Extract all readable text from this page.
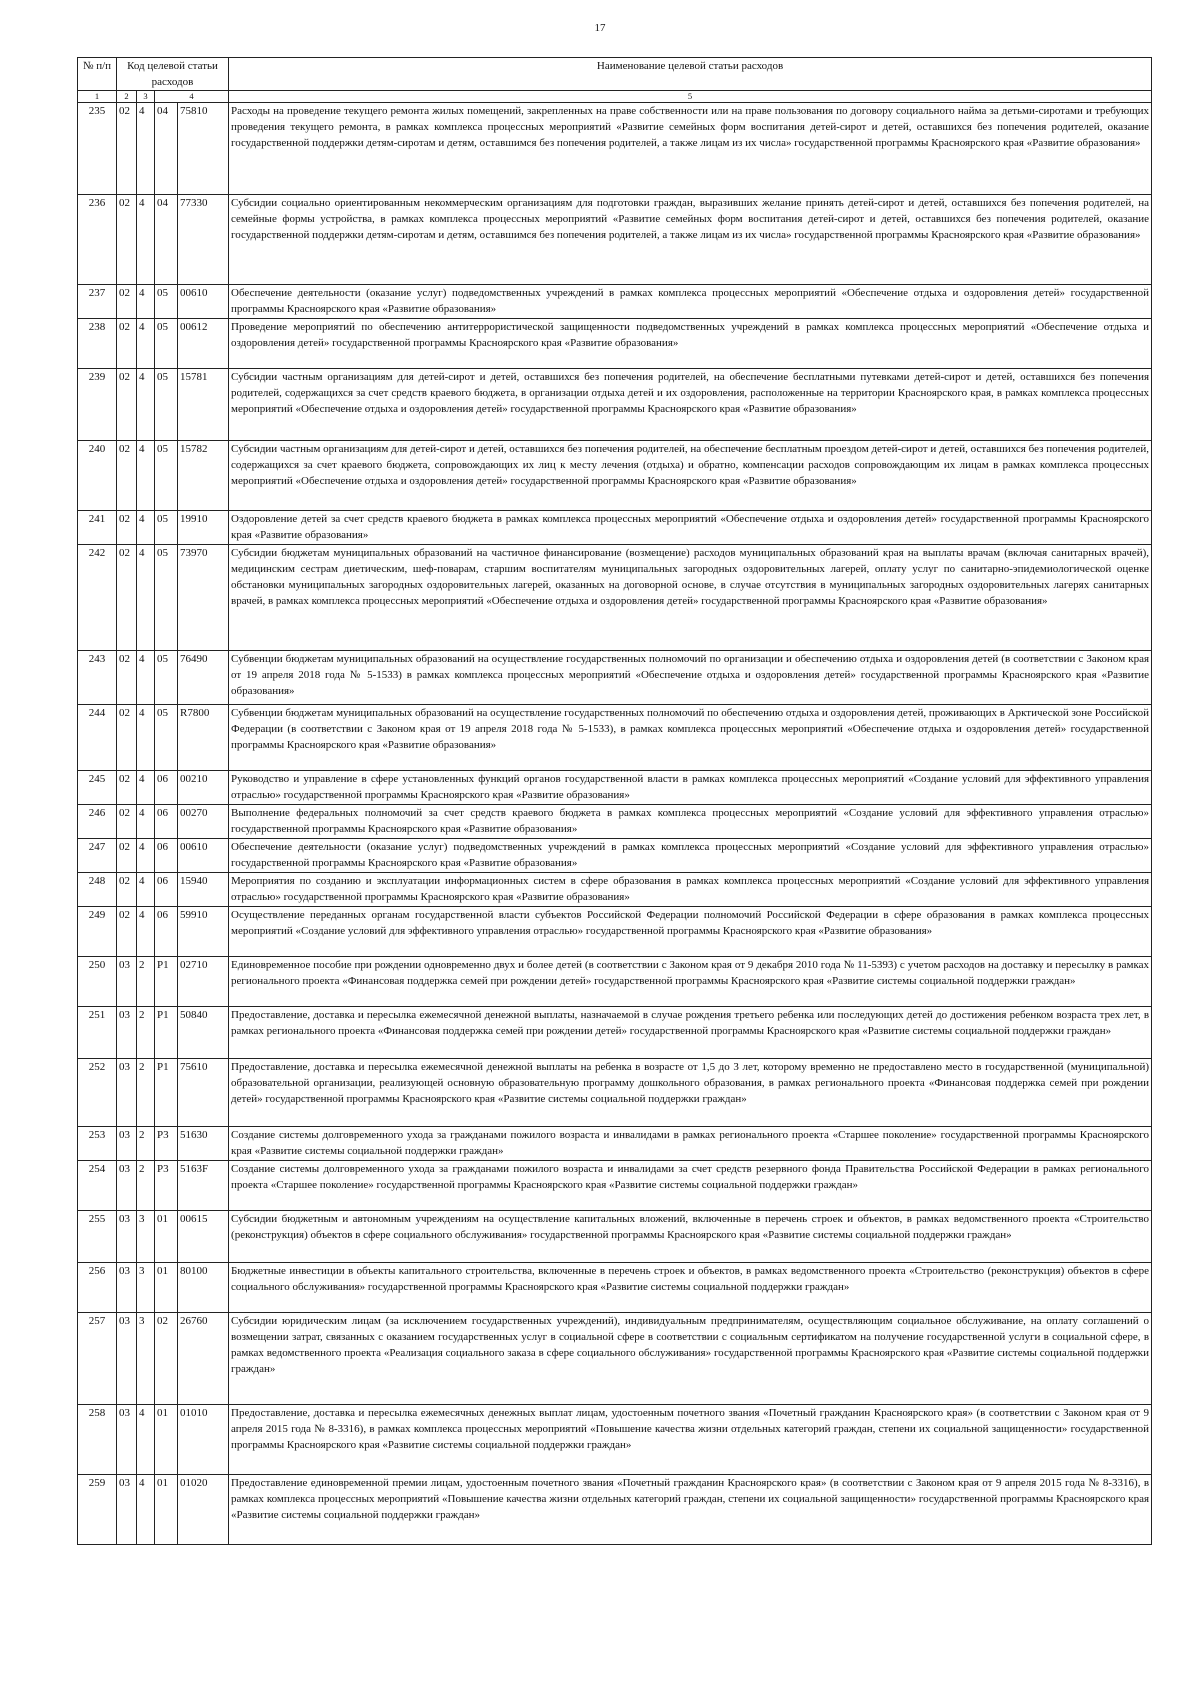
17
№ п/п	Код целевой статьи расходов				Наименование целевой статьи расходов

1	2	3	4		5
235	02	4	04	75810	Расходы на проведение текущего ремонта жилых помещений, закрепленных на праве собственности или на праве пользования по договору социального найма за детьми-сиротами и требующих проведения текущего ремонта, в рамках комплекса процессных мероприятий «Развитие семейных форм воспитания детей-сирот и детей, оставшихся без попечения родителей, оказание государственной поддержки детям-сиротам и детям, оставшимся без попечения родителей, а также лицам из их числа» государственной программы Красноярского края «Развитие образования»
236	02	4	04	77330	Субсидии социально ориентированным некоммерческим организациям для подготовки граждан, выразивших желание принять детей-сирот и детей, оставшихся без попечения родителей, на семейные формы устройства, в рамках комплекса процессных мероприятий «Развитие семейных форм воспитания детей-сирот и детей, оставшихся без попечения родителей, оказание государственной поддержки детям-сиротам и детям, оставшимся без попечения родителей, а также лицам из их числа» государственной программы Красноярского края «Развитие образования»
237	02	4	05	00610	Обеспечение деятельности (оказание услуг) подведомственных учреждений в рамках комплекса процессных мероприятий «Обеспечение отдыха и оздоровления детей» государственной программы Красноярского края «Развитие образования»
238	02	4	05	00612	Проведение мероприятий по обеспечению антитеррористической защищенности подведомственных учреждений в рамках комплекса процессных мероприятий «Обеспечение отдыха и оздоровления детей» государственной программы Красноярского края «Развитие образования»
239	02	4	05	15781	Субсидии частным организациям для детей-сирот и детей, оставшихся без попечения родителей, на обеспечение бесплатными путевками детей-сирот и детей, оставшихся без попечения родителей, содержащихся за счет средств краевого бюджета, в организации отдыха детей и их оздоровления, расположенные на территории Красноярского края, в рамках комплекса процессных мероприятий «Обеспечение отдыха и оздоровления детей» государственной программы Красноярского края «Развитие образования»
240	02	4	05	15782	Субсидии частным организациям для детей-сирот и детей, оставшихся без попечения родителей, на обеспечение бесплатным проездом детей-сирот и детей, оставшихся без попечения родителей, содержащихся за счет краевого бюджета, сопровождающих их лиц к месту лечения (отдыха) и обратно, компенсации расходов сопровождающим их лицам в рамках комплекса процессных мероприятий «Обеспечение отдыха и оздоровления детей» государственной программы Красноярского края «Развитие образования»
241	02	4	05	19910	Оздоровление детей за счет средств краевого бюджета в рамках комплекса процессных мероприятий «Обеспечение отдыха и оздоровления детей» государственной программы Красноярского края «Развитие образования»
242	02	4	05	73970	Субсидии бюджетам муниципальных образований на частичное финансирование (возмещение) расходов муниципальных образований края на выплаты врачам (включая санитарных врачей), медицинским сестрам диетическим, шеф-поварам, старшим воспитателям муниципальных загородных оздоровительных лагерей, оплату услуг по санитарно-эпидемиологической оценке обстановки муниципальных загородных оздоровительных лагерей, оказанных на договорной основе, в случае отсутствия в муниципальных загородных оздоровительных лагерях санитарных врачей, в рамках комплекса процессных мероприятий «Обеспечение отдыха и оздоровления детей» государственной программы Красноярского края «Развитие образования»
243	02	4	05	76490	Субвенции бюджетам муниципальных образований на осуществление государственных полномочий по организации и обеспечению отдыха и оздоровления детей (в соответствии с Законом края от 19 апреля 2018 года № 5-1533) в рамках комплекса процессных мероприятий «Обеспечение отдыха и оздоровления детей» государственной программы Красноярского края «Развитие образования»
244	02	4	05	R7800	Субвенции бюджетам муниципальных образований на осуществление государственных полномочий по обеспечению отдыха и оздоровления детей, проживающих в Арктической зоне Российской Федерации (в соответствии с Законом края от 19 апреля 2018 года № 5-1533), в рамках комплекса процессных мероприятий «Обеспечение отдыха и оздоровления детей» государственной программы Красноярского края «Развитие образования»
245	02	4	06	00210	Руководство и управление в сфере установленных функций органов государственной власти в рамках комплекса процессных мероприятий «Создание условий для эффективного управления отраслью» государственной программы Красноярского края «Развитие образования»
246	02	4	06	00270	Выполнение федеральных полномочий за счет средств краевого бюджета в рамках комплекса процессных мероприятий «Создание условий для эффективного управления отраслью» государственной программы Красноярского края «Развитие образования»
247	02	4	06	00610	Обеспечение деятельности (оказание услуг) подведомственных учреждений в рамках комплекса процессных мероприятий «Создание условий для эффективного управления отраслью» государственной программы Красноярского края «Развитие образования»
248	02	4	06	15940	Мероприятия по созданию и эксплуатации информационных систем в сфере образования в рамках комплекса процессных мероприятий «Создание условий для эффективного управления отраслью» государственной программы Красноярского края «Развитие образования»
249	02	4	06	59910	Осуществление переданных органам государственной власти субъектов Российской Федерации полномочий Российской Федерации в сфере образования в рамках комплекса процессных мероприятий «Создание условий для эффективного управления отраслью» государственной программы Красноярского края «Развитие образования»
250	03	2	P1	02710	Единовременное пособие при рождении одновременно двух и более детей (в соответствии с Законом края от 9 декабря 2010 года № 11-5393) с учетом расходов на доставку и пересылку в рамках регионального проекта «Финансовая поддержка семей при рождении детей» государственной программы Красноярского края «Развитие системы социальной поддержки граждан»
251	03	2	P1	50840	Предоставление, доставка и пересылка ежемесячной денежной выплаты, назначаемой в случае рождения третьего ребенка или последующих детей до достижения ребенком возраста трех лет, в рамках регионального проекта «Финансовая поддержка семей при рождении детей» государственной программы Красноярского края «Развитие системы социальной поддержки граждан»
252	03	2	P1	75610	Предоставление, доставка и пересылка ежемесячной денежной выплаты на ребенка в возрасте от 1,5 до 3 лет, которому временно не предоставлено место в государственной (муниципальной) образовательной организации, реализующей основную образовательную программу дошкольного образования, в рамках регионального проекта «Финансовая поддержка семей при рождении детей» государственной программы Красноярского края «Развитие системы социальной поддержки граждан»
253	03	2	P3	51630	Создание системы долговременного ухода за гражданами пожилого возраста и инвалидами в рамках регионального проекта «Старшее поколение» государственной программы Красноярского края «Развитие системы социальной поддержки граждан»
254	03	2	P3	5163F	Создание системы долговременного ухода за гражданами пожилого возраста и инвалидами за счет средств резервного фонда Правительства Российской Федерации в рамках регионального проекта «Старшее поколение» государственной программы Красноярского края «Развитие системы социальной поддержки граждан»
255	03	3	01	00615	Субсидии бюджетным и автономным учреждениям на осуществление капитальных вложений, включенные в перечень строек и объектов, в рамках ведомственного проекта «Строительство (реконструкция) объектов в сфере социального обслуживания» государственной программы Красноярского края «Развитие системы социальной поддержки граждан»
256	03	3	01	80100	Бюджетные инвестиции в объекты капитального строительства, включенные в перечень строек и объектов, в рамках ведомственного проекта «Строительство (реконструкция) объектов в сфере социального обслуживания» государственной программы Красноярского края «Развитие системы социальной поддержки граждан»
257	03	3	02	26760	Субсидии юридическим лицам (за исключением государственных учреждений), индивидуальным предпринимателям, осуществляющим социальное обслуживание, на оплату соглашений о возмещении затрат, связанных с оказанием государственных услуг в социальной сфере в соответствии с социальным сертификатом на получение государственной услуги в социальной сфере, в рамках ведомственного проекта «Реализация социального заказа в сфере социального обслуживания» государственной программы Красноярского края «Развитие системы социальной поддержки граждан»
258	03	4	01	01010	Предоставление, доставка и пересылка ежемесячных денежных выплат лицам, удостоенным почетного звания «Почетный гражданин Красноярского края» (в соответствии с Законом края от 9 апреля 2015 года № 8-3316), в рамках комплекса процессных мероприятий «Повышение качества жизни отдельных категорий граждан, степени их социальной защищенности» государственной программы Красноярского края «Развитие системы социальной поддержки граждан»
259	03	4	01	01020	Предоставление единовременной премии лицам, удостоенным почетного звания «Почетный гражданин Красноярского края» (в соответствии с Законом края от 9 апреля 2015 года № 8-3316), в рамках комплекса процессных мероприятий «Повышение качества жизни отдельных категорий граждан, степени их социальной защищенности» государственной программы Красноярского края «Развитие системы социальной поддержки граждан»
